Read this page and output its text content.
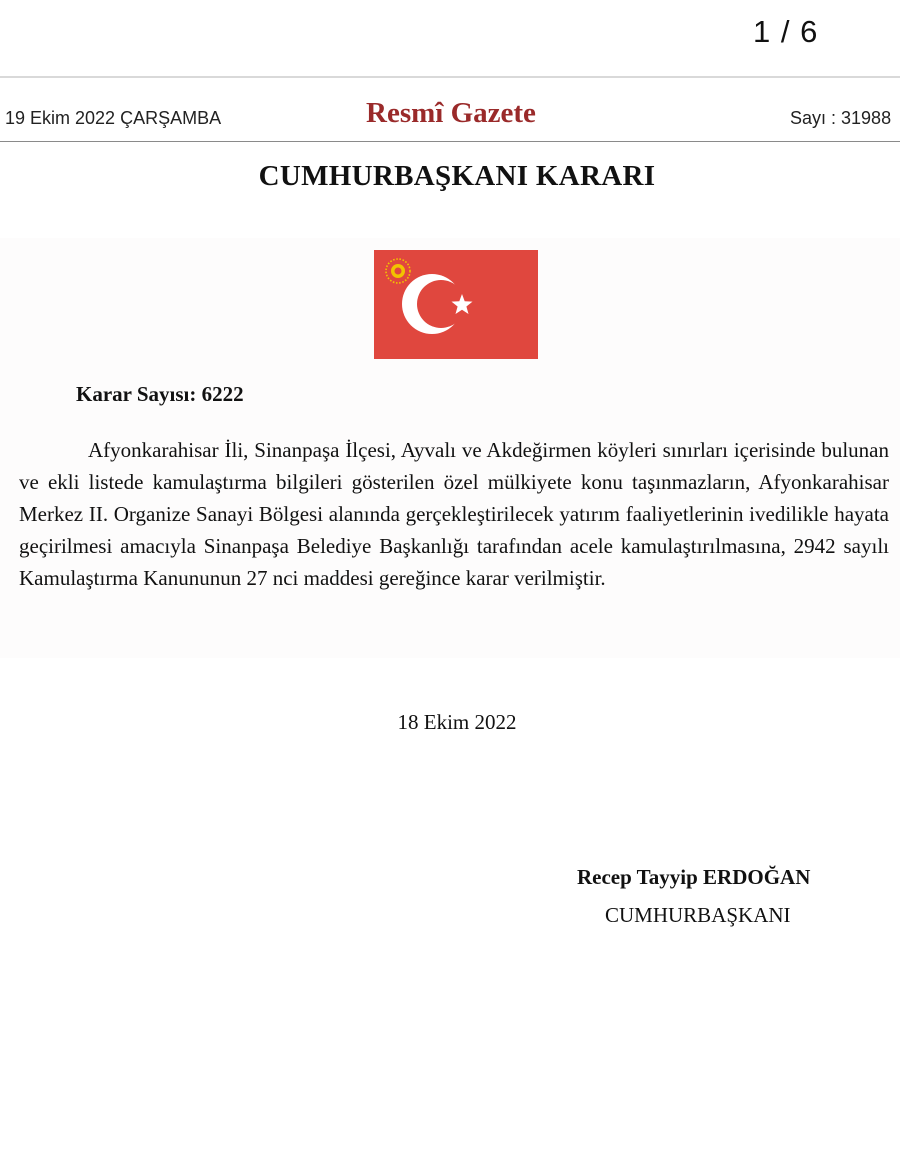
1 / 6
19 Ekim 2022 ÇARŞAMBA	Resmî Gazete	Sayı : 31988
CUMHURBAŞKANI KARARI
Karar Sayısı: 6222
Afyonkarahisar İli, Sinanpaşa İlçesi, Ayvalı ve Akdeğirmen köyleri sınırları içerisinde bulunan ve ekli listede kamulaştırma bilgileri gösterilen özel mülkiyete konu taşınmazların, Afyonkarahisar Merkez II. Organize Sanayi Bölgesi alanında gerçekleştirilecek yatırım faaliyetlerinin ivedilikle hayata geçirilmesi amacıyla Sinanpaşa Belediye Başkanlığı tarafından acele kamulaştırılmasına, 2942 sayılı Kamulaştırma Kanununun 27 nci maddesi gereğince karar verilmiştir.
18 Ekim 2022
Recep Tayyip ERDOĞAN
CUMHURBAŞKANI
